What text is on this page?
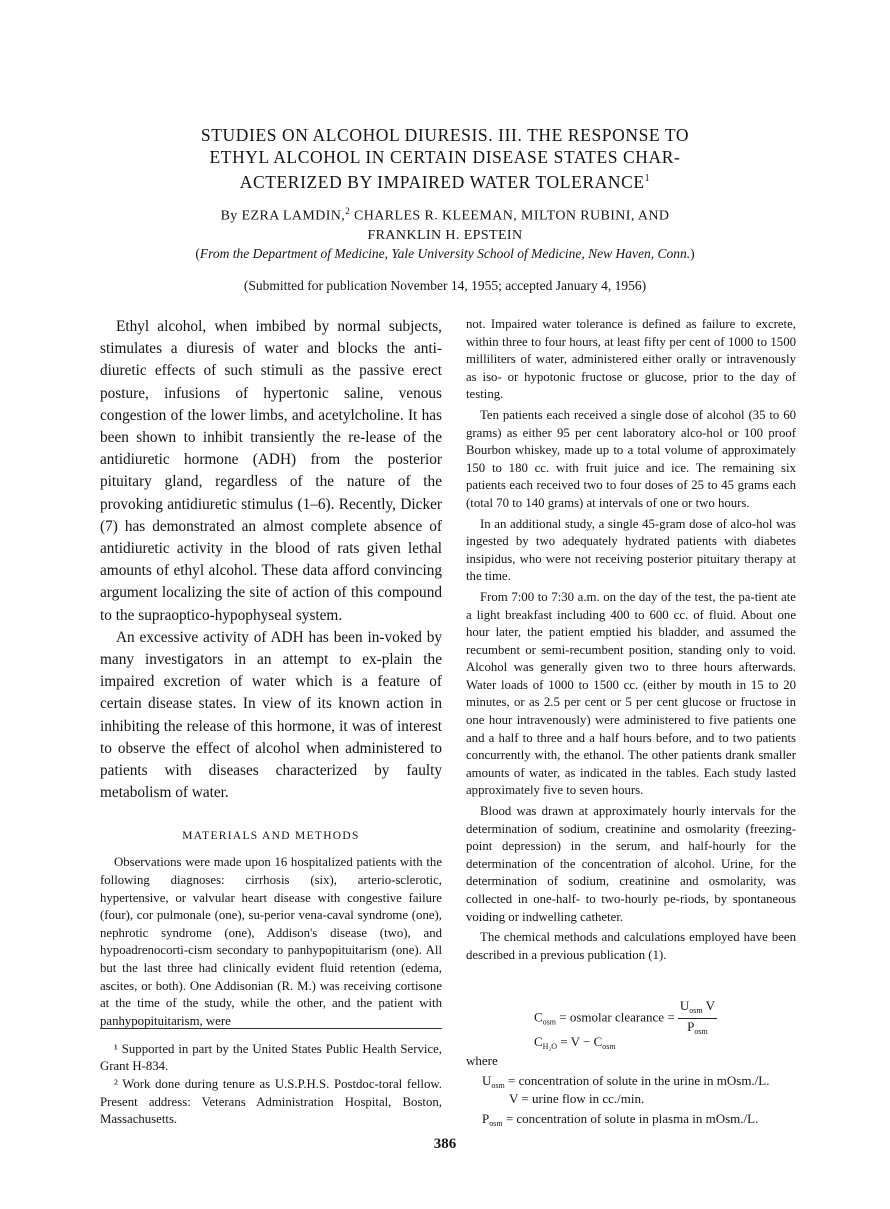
STUDIES ON ALCOHOL DIURESIS. III. THE RESPONSE TO
ETHYL ALCOHOL IN CERTAIN DISEASE STATES CHAR-
ACTERIZED BY IMPAIRED WATER TOLERANCE$^1$
By EZRA LAMDIN,$^2$ CHARLES R. KLEEMAN, MILTON RUBINI, AND
FRANKLIN H. EPSTEIN
(From the Department of Medicine, Yale University School of Medicine, New Haven, Conn.)
(Submitted for publication November 14, 1955; accepted January 4, 1956)

Ethyl alcohol, when imbibed by normal subjects, stimulates a diuresis of water and blocks the anti-diuretic effects of such stimuli as the passive erect posture, infusions of hypertonic saline, venous congestion of the lower limbs, and acetylcholine. It has been shown to inhibit transiently the re-lease of the antidiuretic hormone (ADH) from the posterior pituitary gland, regardless of the nature of the provoking antidiuretic stimulus (1–6). Recently, Dicker (7) has demonstrated an almost complete absence of antidiuretic activity in the blood of rats given lethal amounts of ethyl alcohol. These data afford convincing argument localizing the site of action of this compound to the supraoptico-hypophyseal system.

An excessive activity of ADH has been in-voked by many investigators in an attempt to ex-plain the impaired excretion of water which is a feature of certain disease states. In view of its known action in inhibiting the release of this hormone, it was of interest to observe the effect of alcohol when administered to patients with diseases characterized by faulty metabolism of water.

MATERIALS AND METHODS

Observations were made upon 16 hospitalized patients with the following diagnoses: cirrhosis (six), arterio-sclerotic, hypertensive, or valvular heart disease with congestive failure (four), cor pulmonale (one), su-perior vena-caval syndrome (one), nephrotic syndrome (one), Addison's disease (two), and hypoadrenocorti-cism secondary to panhypopituitarism (one). All but the last three had clinically evident fluid retention (edema, ascites, or both). One Addisonian (R. M.) was receiving cortisone at the time of the study, while the other, and the patient with panhypopituitarism, were

¹ Supported in part by the United States Public Health Service, Grant H-834.

² Work done during tenure as U.S.P.H.S. Postdoc-toral fellow. Present address: Veterans Administration Hospital, Boston, Massachusetts.

not. Impaired water tolerance is defined as failure to excrete, within three to four hours, at least fifty per cent of 1000 to 1500 milliliters of water, administered either orally or intravenously as iso- or hypotonic fructose or glucose, prior to the day of testing.

Ten patients each received a single dose of alcohol (35 to 60 grams) as either 95 per cent laboratory alco-hol or 100 proof Bourbon whiskey, made up to a total volume of approximately 150 to 180 cc. with fruit juice and ice. The remaining six patients each received two to four doses of 25 to 45 grams each (total 70 to 140 grams) at intervals of one or two hours.

In an additional study, a single 45-gram dose of alco-hol was ingested by two adequately hydrated patients with diabetes insipidus, who were not receiving posterior pituitary therapy at the time.

From 7:00 to 7:30 a.m. on the day of the test, the pa-tient ate a light breakfast including 400 to 600 cc. of fluid. About one hour later, the patient emptied his bladder, and assumed the recumbent or semi-recumbent position, standing only to void. Alcohol was generally given two to three hours afterwards. Water loads of 1000 to 1500 cc. (either by mouth in 15 to 20 minutes, or as 2.5 per cent or 5 per cent glucose or fructose in one hour intravenously) were administered to five patients one and a half to three and a half hours before, and to two patients concurrently with, the ethanol. The other patients drank smaller amounts of water, as indicated in the tables. Each study lasted approximately five to seven hours.

Blood was drawn at approximately hourly intervals for the determination of sodium, creatinine and osmolarity (freezing-point depression) in the serum, and half-hourly for the determination of the concentration of alcohol. Urine, for the determination of sodium, creatinine and osmolarity, was collected in one-half- to two-hourly pe-riods, by spontaneous voiding or indwelling catheter.

The chemical methods and calculations employed have been described in a previous publication (1).

$C_{osm}$ = osmolar clearance = $\frac{U_{osm} V}{P_{osm}}$
$C_{H_2O} = V - C_{osm}$
where
$U_{osm}$ = concentration of solute in the urine in mOsm./L.
V = urine flow in cc./min.
$P_{osm}$ = concentration of solute in plasma in mOsm./L.
386
